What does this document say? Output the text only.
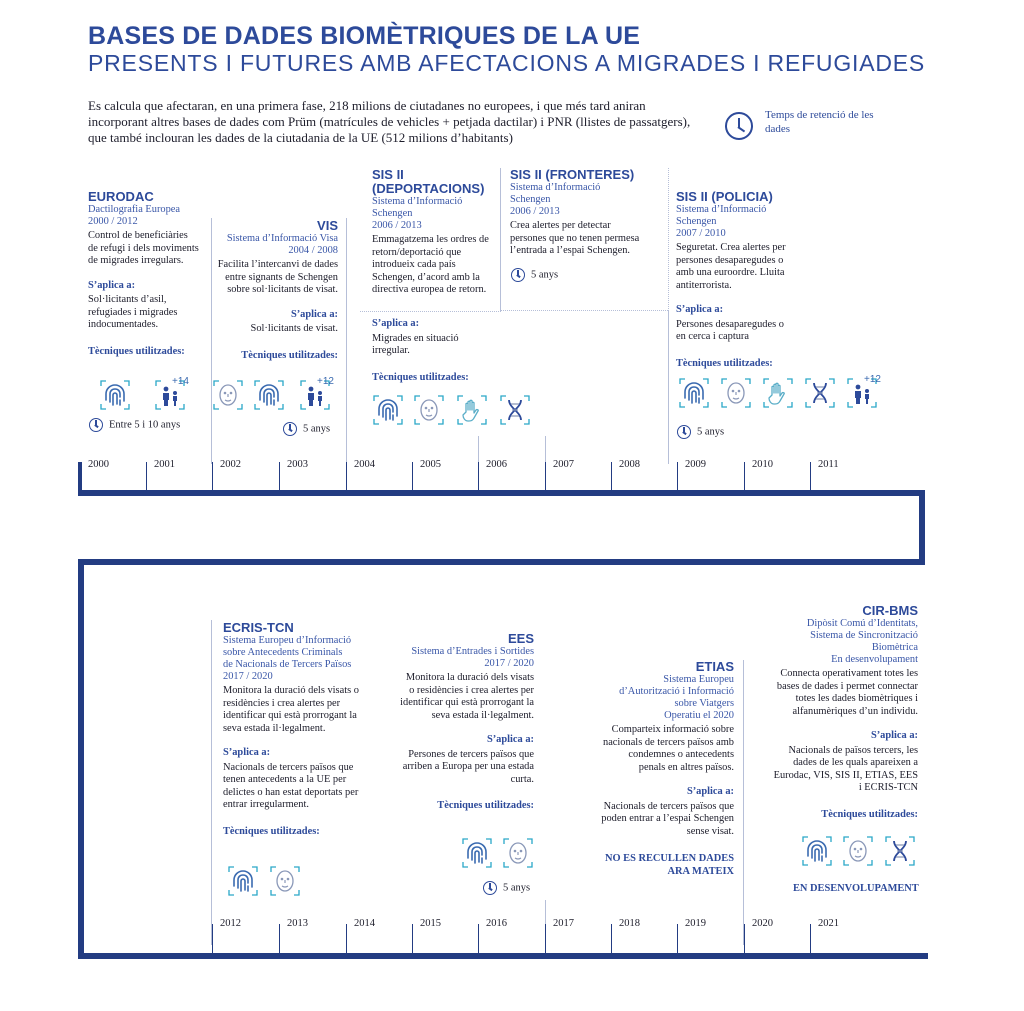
BASES DE DADES BIOMÈTRIQUES DE LA UE
PRESENTS I FUTURES AMB AFECTACIONS A MIGRADES I REFUGIADES
Es calcula que afectaran, en una primera fase, 218 milions de ciutadanes no europees, i que més tard aniran incorporant altres bases de dades com Prüm (matrícules de vehicles + petjada dactilar) i PNR (llistes de passatgers), que també inclouran les dades de la ciutadania de la UE (512 milions d’habitants)
Temps de retenció de les dades
EURODAC
Dactilografia Europea
2000 / 2012
Control de beneficiàries de refugi i dels moviments de migrades irregulars.
S’aplica a:
Sol·licitants d’asil, refugiades i migrades indocumentades.
Tècniques utilitzades:
Entre 5 i 10 anys
VIS
Sistema d’Informació Visa
2004 / 2008
Facilita l’intercanvi de dades entre signants de Schengen sobre sol·licitants de visat.
S’aplica a:
Sol·licitants de visat.
Tècniques utilitzades:
5 anys
SIS II (DEPORTACIONS)
Sistema d’Informació
Schengen
2006 / 2013
Emmagatzema les ordres de retorn/deportació que introdueix cada país Schengen, d’acord amb la directiva europea de retorn.
S’aplica a:
Migrades en situació irregular.
Tècniques utilitzades:
SIS II (FRONTERES)
Sistema d’Informació
Schengen
2006 / 2013
Crea alertes per detectar persones que no tenen permesa l’entrada a l’espai Schengen.
5 anys
SIS II (POLICIA)
Sistema d’Informació
Schengen
2007 / 2010
Seguretat. Crea alertes per persones desaparegudes o amb una euroordre. Lluita antiterrorista.
S’aplica a:
Persones desaparegudes o en cerca i captura
Tècniques utilitzades:
5 anys
+14	+12	+12
2000	2001	2002	2003	2004	2005	2006	2007	2008	2009	2010	2011
ECRIS-TCN
Sistema Europeu d’Informació
sobre Antecedents Criminals
de Nacionals de Tercers Països
2017 / 2020
Monitora la duració dels visats o residències i crea alertes per identificar qui està prorrogant la seva estada il·legalment.
S’aplica a:
Nacionals de tercers països que tenen antecedents a la UE per delictes o han estat deportats per entrar irregularment.
Tècniques utilitzades:
EES
Sistema d’Entrades i Sortides
2017 / 2020
Monitora la duració dels visats o residències i crea alertes per identificar qui està prorrogant la seva estada il·legalment.
S’aplica a:
Persones de tercers països que arriben a Europa per una estada curta.
Tècniques utilitzades:
5 anys
ETIAS
Sistema Europeu
d’Autorització i Informació
sobre Viatgers
Operatiu el 2020
Comparteix informació sobre nacionals de tercers països amb condemnes o antecedents penals en altres països.
S’aplica a:
Nacionals de tercers països que poden entrar a l’espai Schengen sense visat.
NO ES RECULLEN DADES ARA MATEIX
CIR-BMS
Dipòsit Comú d’Identitats,
Sistema de Sincronització
Biomètrica
En desenvolupament
Connecta operativament totes les bases de dades i permet connectar totes les dades biomètriques i alfanumèriques d’un individu.
S’aplica a:
Nacionals de països tercers, les dades de les quals apareixen a Eurodac, VIS, SIS II, ETIAS, EES i ECRIS-TCN
Tècniques utilitzades:
EN DESENVOLUPAMENT
2012	2013	2014	2015	2016	2017	2018	2019	2020	2021
